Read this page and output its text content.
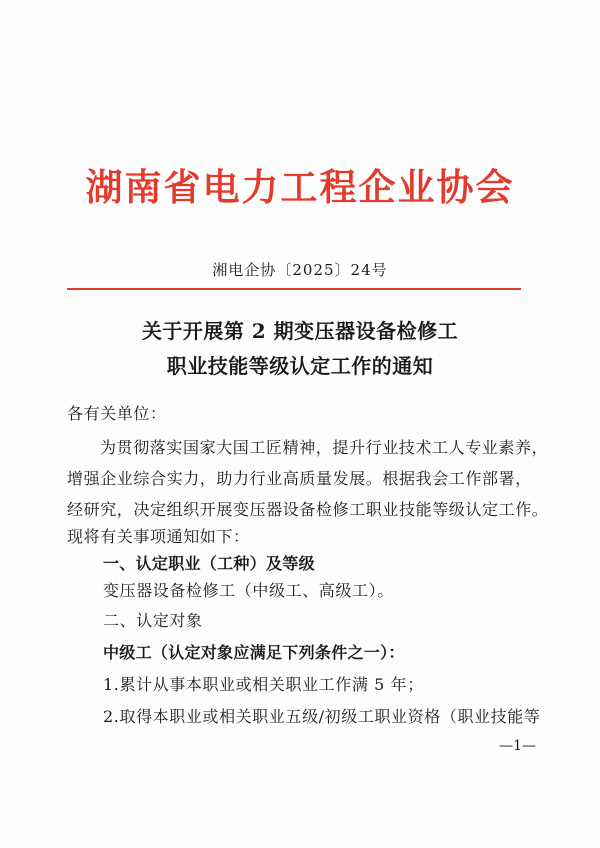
湖南省电力工程企业协会
湘电企协〔2025〕24号
关于开展第 2 期变压器设备检修工
职业技能等级认定工作的通知
各有关单位：
为贯彻落实国家大国工匠精神，提升行业技术工人专业素养，
增强企业综合实力，助力行业高质量发展。根据我会工作部署，
经研究，决定组织开展变压器设备检修工职业技能等级认定工作。
现将有关事项通知如下：
一、认定职业（工种）及等级
变压器设备检修工（中级工、高级工）。
二、认定对象
中级工（认定对象应满足下列条件之一）：
1.累计从事本职业或相关职业工作满 5 年；
2.取得本职业或相关职业五级/初级工职业资格（职业技能等
—1—
